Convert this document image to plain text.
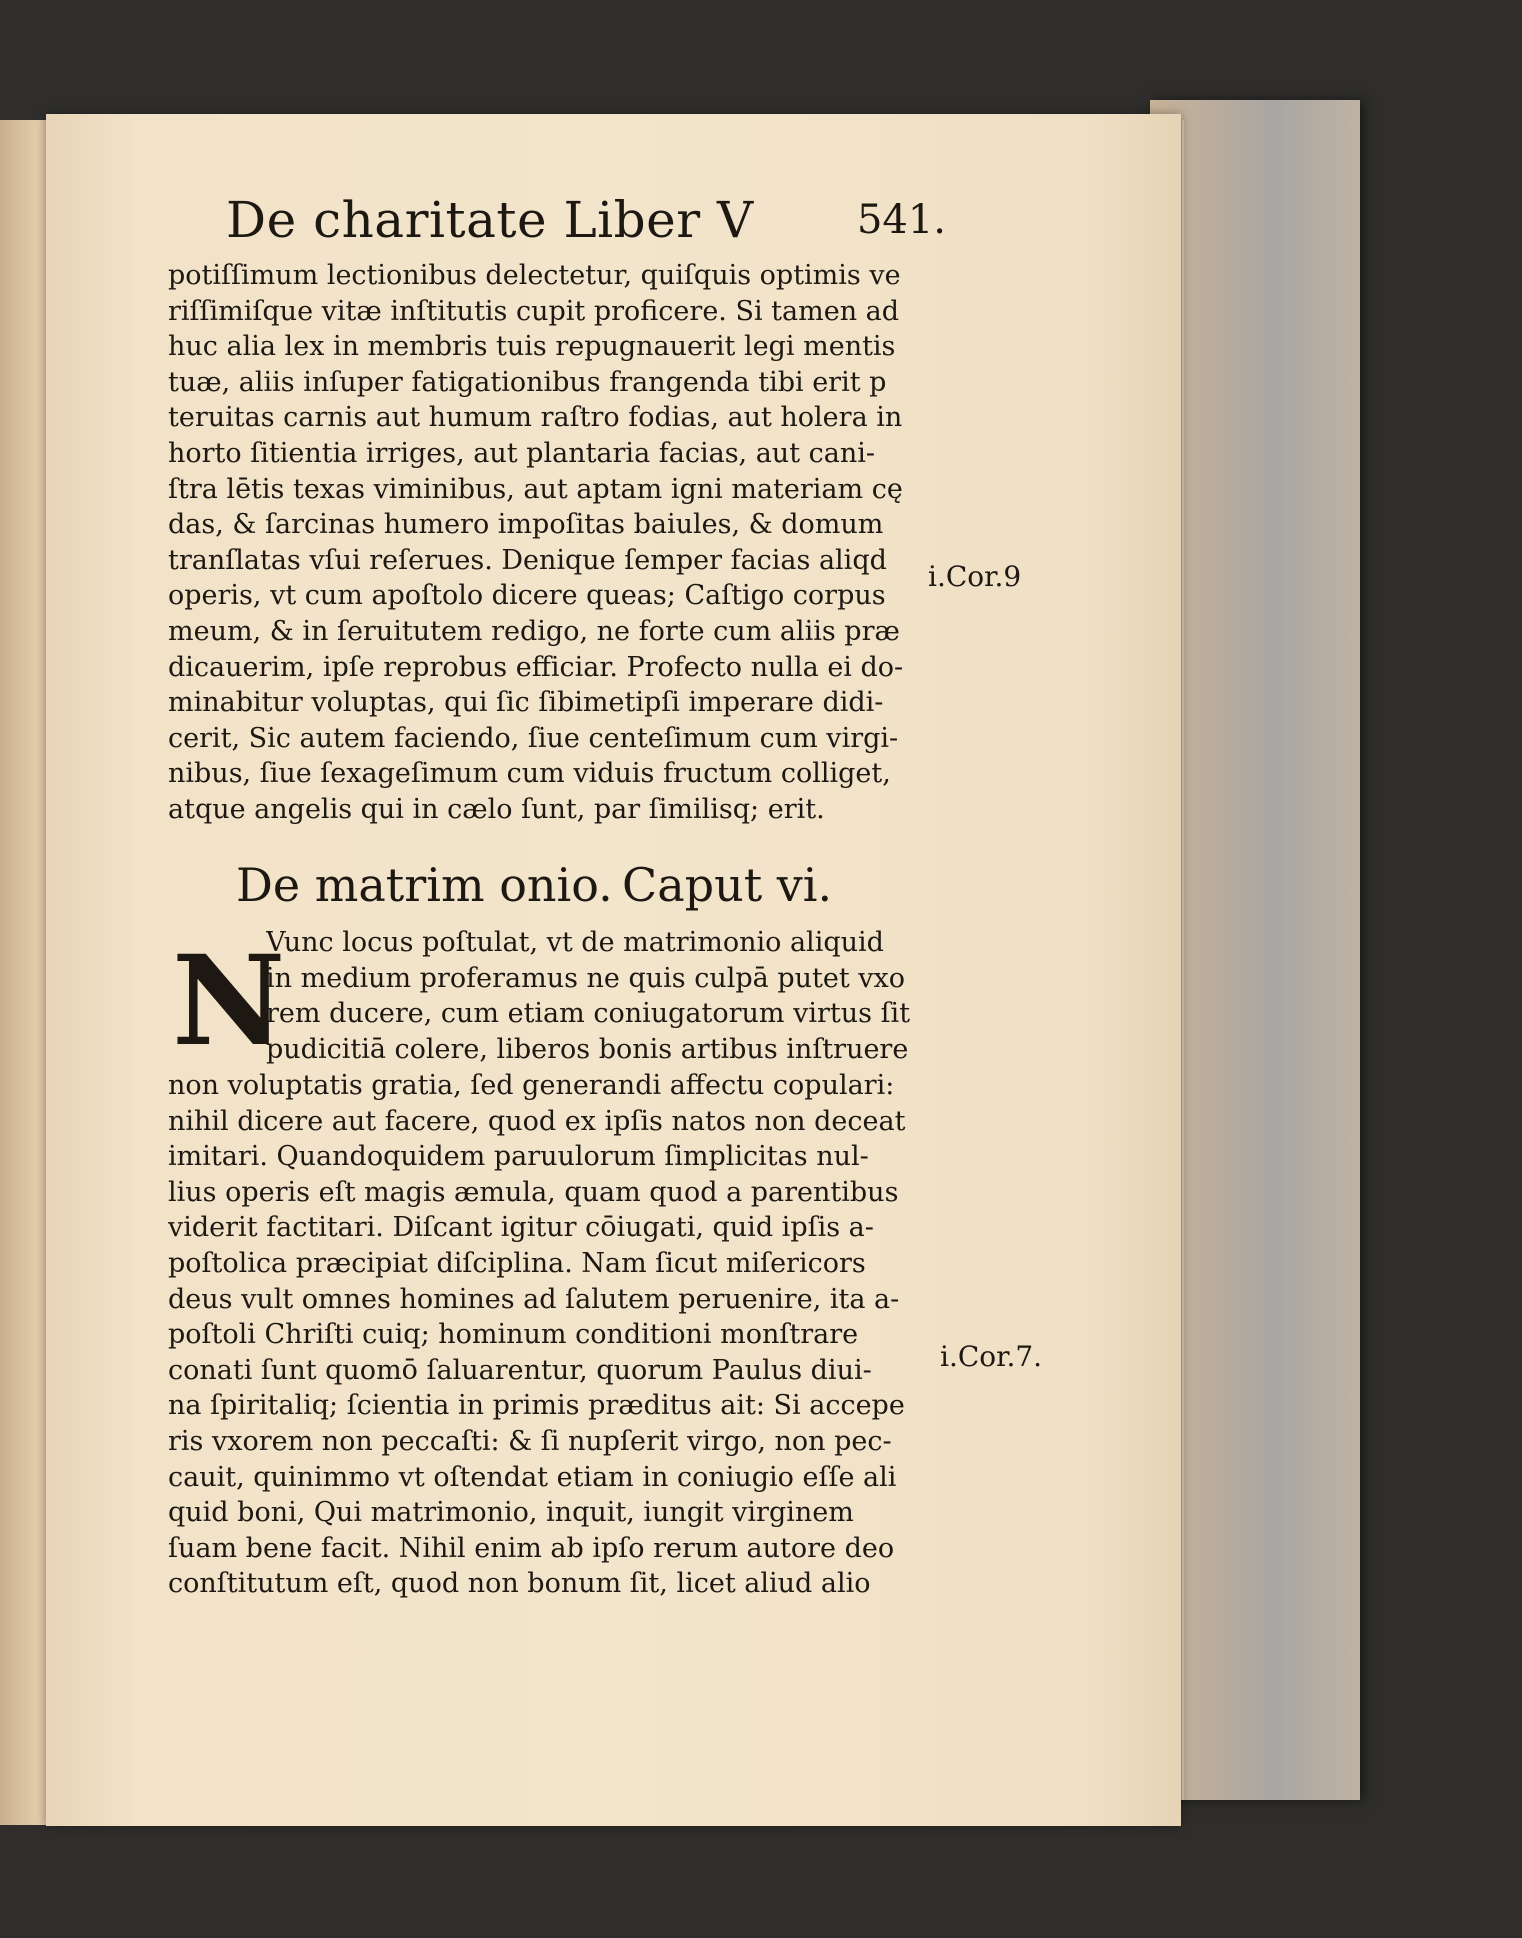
De charitate Liber V	541.
potiſſimum lectionibus delectetur, quiſquis optimis ve
riſſimiſque vitæ inſtitutis cupit proficere. Si tamen ad
huc alia lex in membris tuis repugnauerit legi mentis
tuæ, aliis inſuper fatigationibus frangenda tibi erit p
teruitas carnis aut humum raſtro fodias, aut holera in
horto ſitientia irriges, aut plantaria facias, aut cani-
ſtra lētis texas viminibus, aut aptam igni materiam cę
das, & ſarcinas humero impoſitas baiules, & domum
tranſlatas vſui reſerues. Denique ſemper facias aliqd
operis, vt cum apoſtolo dicere queas; Caſtigo corpus
meum, & in ſeruitutem redigo, ne forte cum aliis præ
dicauerim, ipſe reprobus efficiar. Profecto nulla ei do-
minabitur voluptas, qui ſic ſibimetipſi imperare didi-
cerit, Sic autem faciendo, ſiue centeſimum cum virgi-
nibus, ſiue ſexageſimum cum viduis fructum colliget,
atque angelis qui in cælo ſunt, par ſimilisq; erit.
i.Cor.9
De matrim onio. Caput vi.
N
Vunc locus poſtulat, vt de matrimonio aliquid
in medium proferamus ne quis culpā putet vxo
rem ducere, cum etiam coniugatorum virtus ſit
pudicitiā colere, liberos bonis artibus inſtruere
non voluptatis gratia, ſed generandi affectu copulari:
nihil dicere aut facere, quod ex ipſis natos non deceat
imitari. Quandoquidem paruulorum ſimplicitas nul-
lius operis eſt magis æmula, quam quod a parentibus
viderit factitari. Diſcant igitur cōiugati, quid ipſis a-
poſtolica præcipiat diſciplina. Nam ſicut miſericors
deus vult omnes homines ad ſalutem peruenire, ita a-
poſtoli Chriſti cuiq; hominum conditioni monſtrare
conati ſunt quomō ſaluarentur, quorum Paulus diui-
na ſpiritaliq; ſcientia in primis præditus ait: Si accepe
ris vxorem non peccaſti: & ſi nupſerit virgo, non pec-
cauit, quinimmo vt oſtendat etiam in coniugio eſſe ali
quid boni, Qui matrimonio, inquit, iungit virginem
ſuam bene facit. Nihil enim ab ipſo rerum autore deo
conſtitutum eſt, quod non bonum ſit, licet aliud alio
i.Cor.7.
